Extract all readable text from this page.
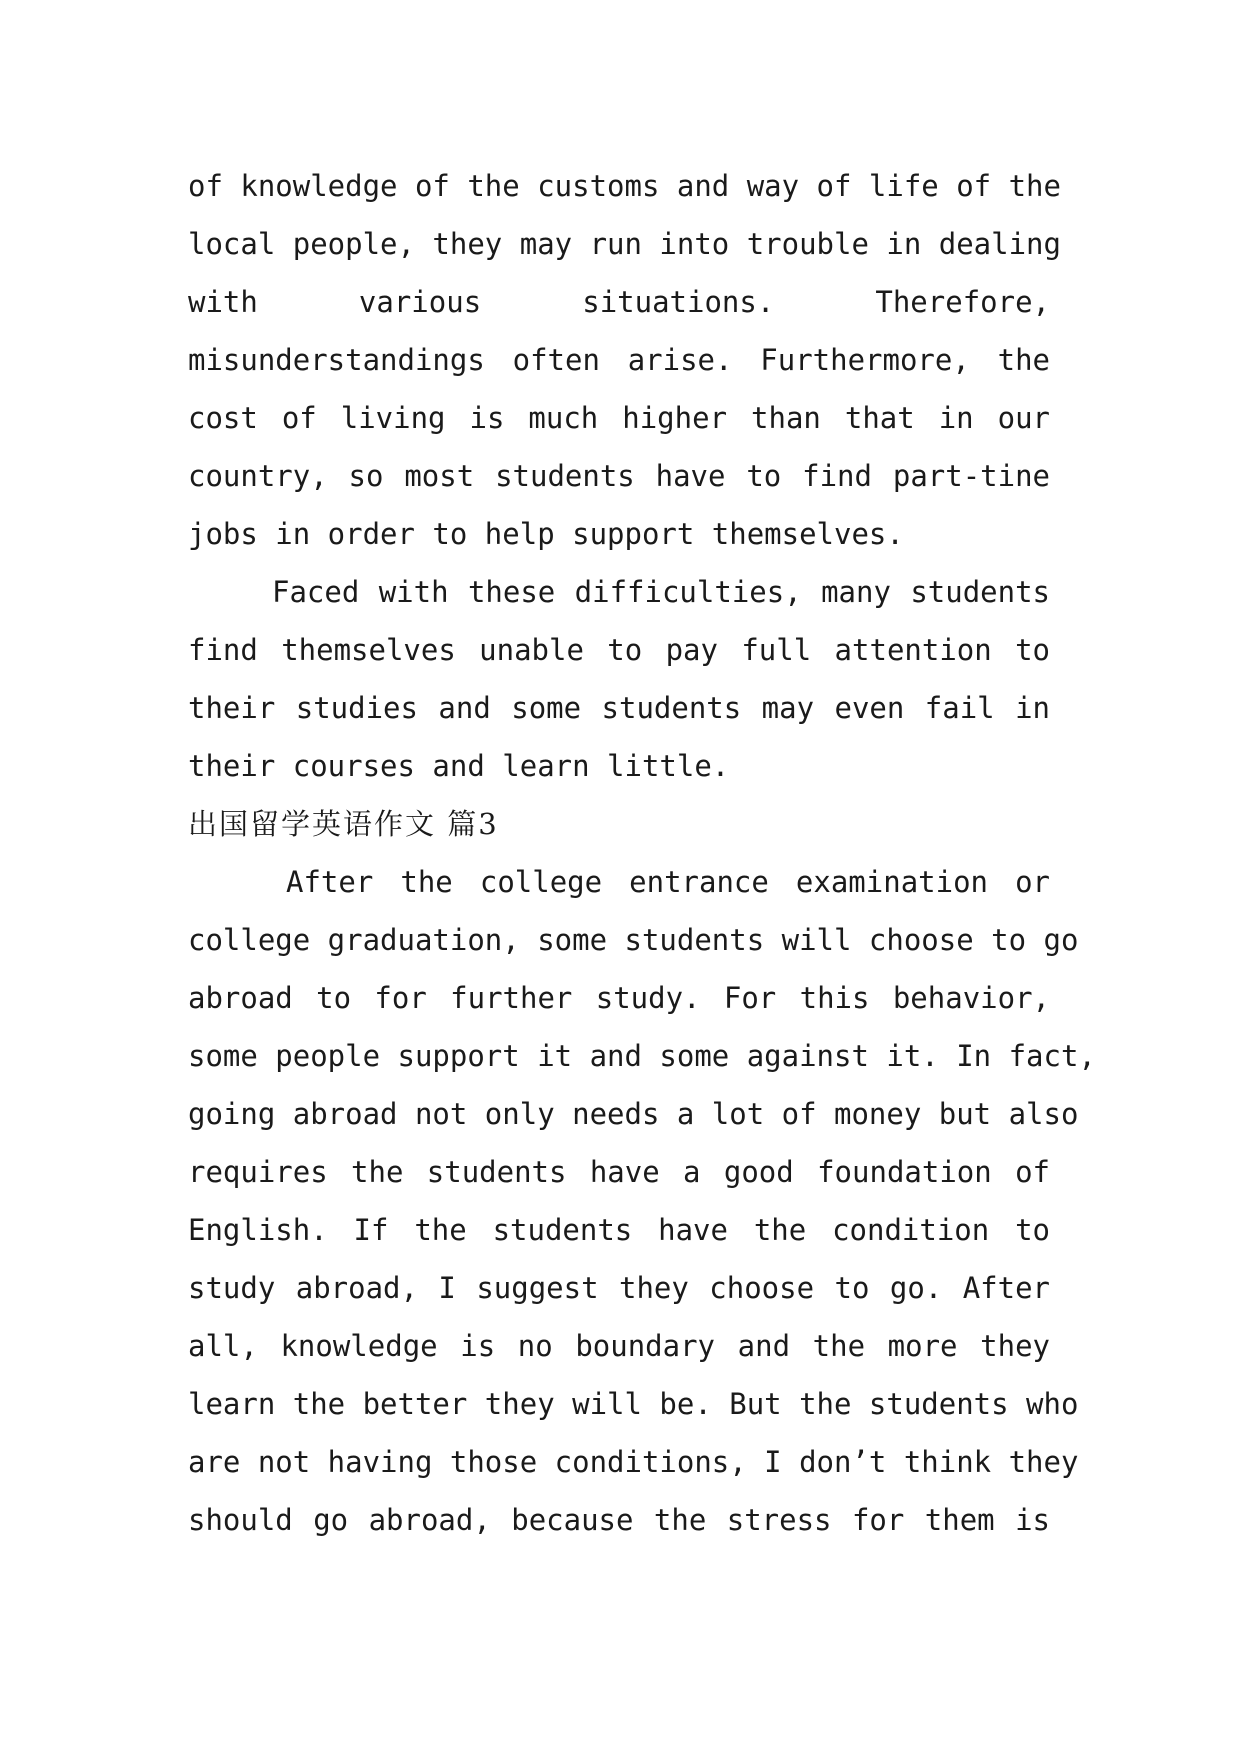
of knowledge of the customs and way of life of the
local people, they may run into trouble in dealing
with various situations. Therefore,
misunderstandings often arise. Furthermore, the
cost of living is much higher than that in our
country, so most students have to find part-tine
jobs in order to help support themselves.
Faced with these difficulties, many students
find themselves unable to pay full attention to
their studies and some students may even fail in
their courses and learn little.
出国留学英语作文 篇3
After the college entrance examination or
college graduation, some students will choose to go
abroad to for further study. For this behavior,
some people support it and some against it. In fact,
going abroad not only needs a lot of money but also
requires the students have a good foundation of
English. If the students have the condition to
study abroad, I suggest they choose to go. After
all, knowledge is no boundary and the more they
learn the better they will be. But the students who
are not having those conditions, I don’t think they
should go abroad, because the stress for them is
